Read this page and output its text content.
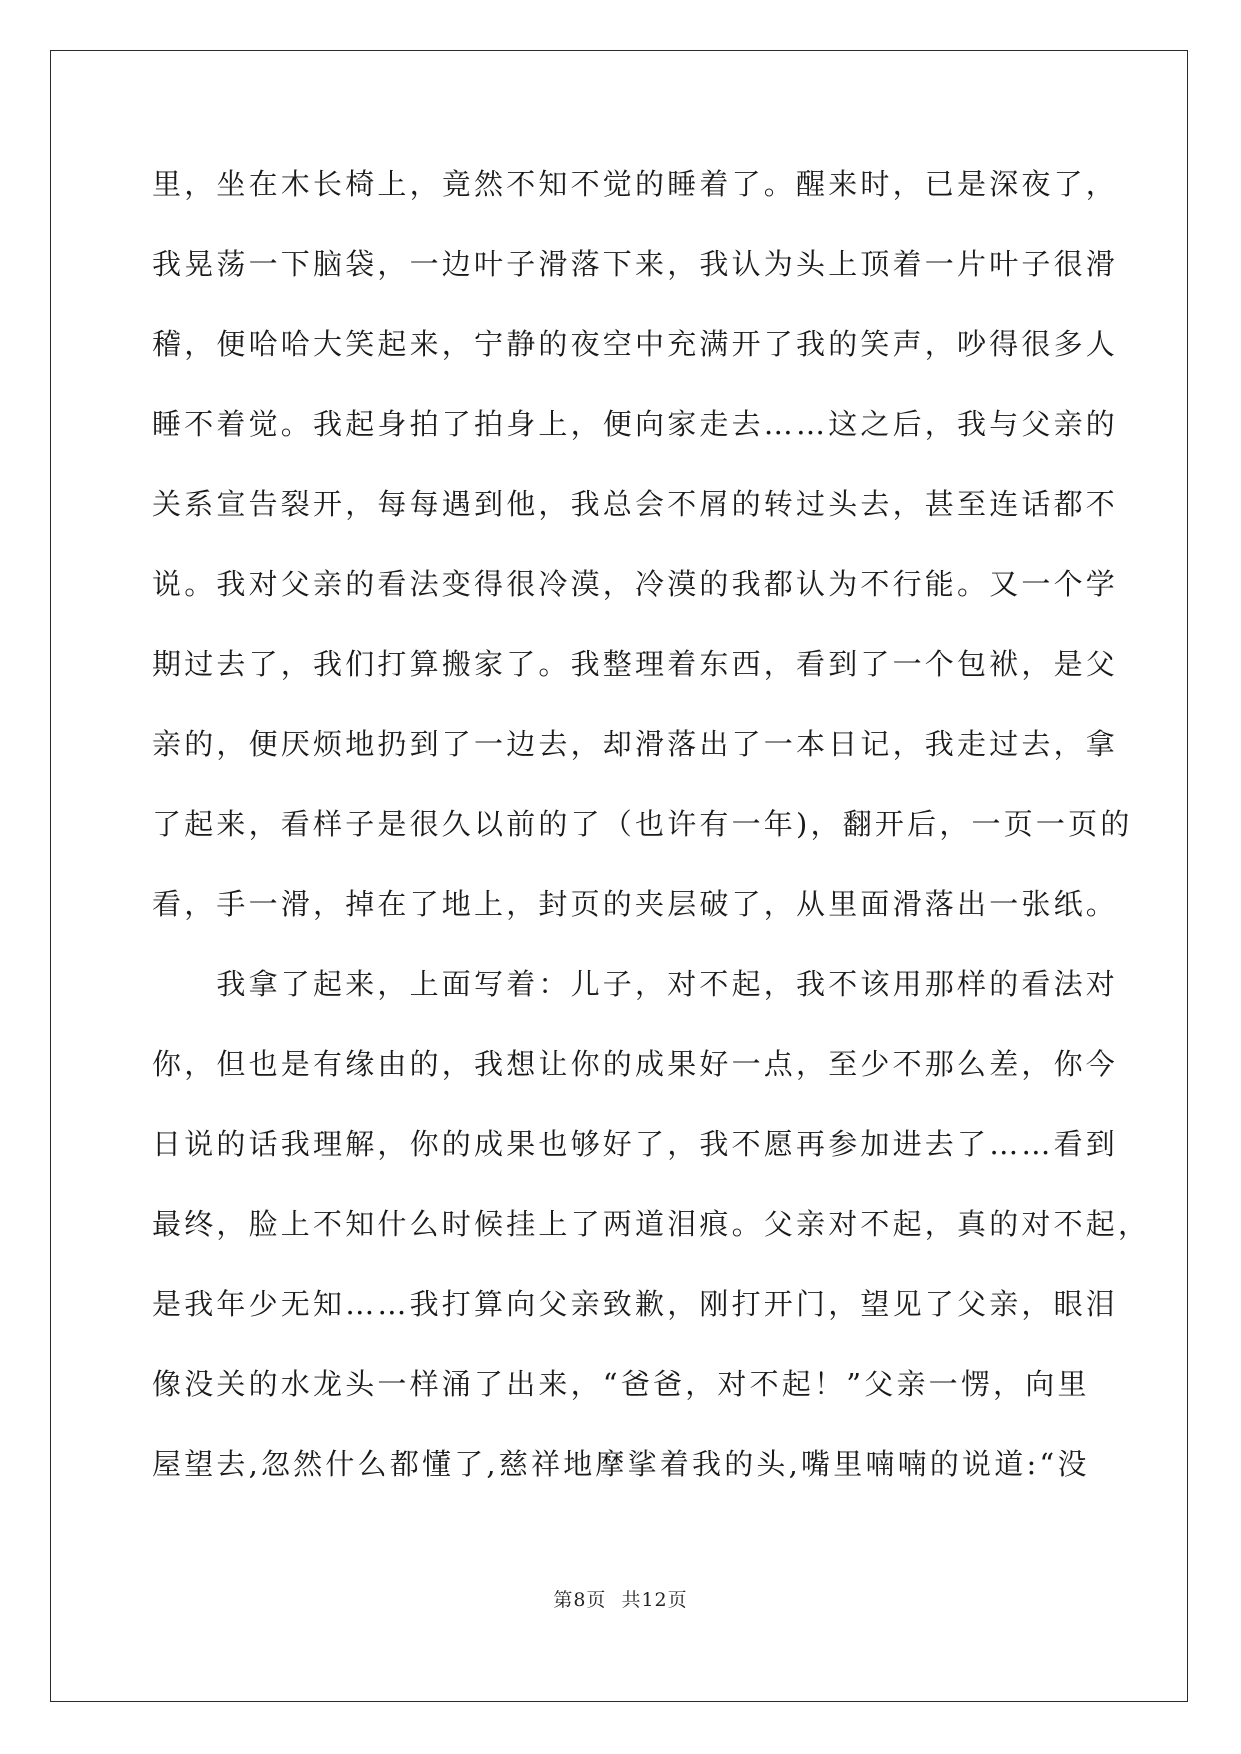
里，坐在木长椅上，竟然不知不觉的睡着了。醒来时，已是深夜了，
我晃荡一下脑袋，一边叶子滑落下来，我认为头上顶着一片叶子很滑
稽，便哈哈大笑起来，宁静的夜空中充满开了我的笑声，吵得很多人
睡不着觉。我起身拍了拍身上，便向家走去……这之后，我与父亲的
关系宣告裂开，每每遇到他，我总会不屑的转过头去，甚至连话都不
说。我对父亲的看法变得很冷漠，冷漠的我都认为不行能。又一个学
期过去了，我们打算搬家了。我整理着东西，看到了一个包袱，是父
亲的，便厌烦地扔到了一边去，却滑落出了一本日记，我走过去，拿
了起来，看样子是很久以前的了（也许有一年)，翻开后，一页一页的
看，手一滑，掉在了地上，封页的夹层破了，从里面滑落出一张纸。
　　我拿了起来，上面写着：儿子，对不起，我不该用那样的看法对
你，但也是有缘由的，我想让你的成果好一点，至少不那么差，你今
日说的话我理解，你的成果也够好了，我不愿再参加进去了……看到
最终，脸上不知什么时候挂上了两道泪痕。父亲对不起，真的对不起，
是我年少无知……我打算向父亲致歉，刚打开门，望见了父亲，眼泪
像没关的水龙头一样涌了出来，“爸爸，对不起！”父亲一愣，向里
屋望去,忽然什么都懂了,慈祥地摩挲着我的头,嘴里喃喃的说道:“没
第8页 共12页
